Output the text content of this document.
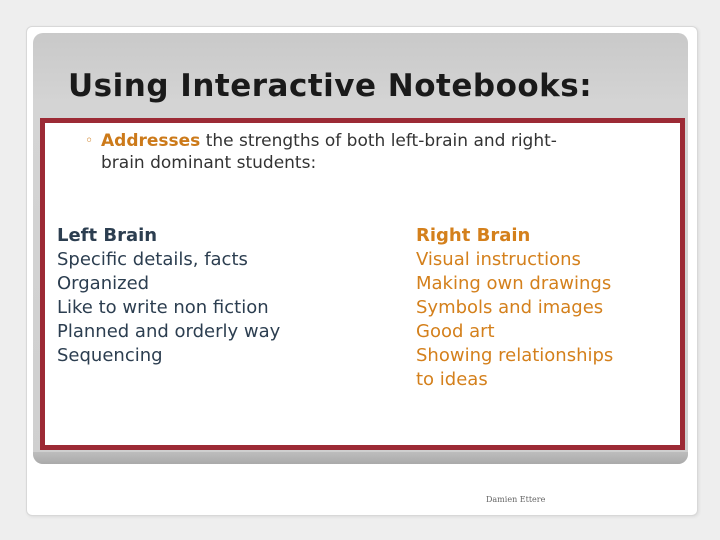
Using Interactive Notebooks:
◦ Addresses the strengths of both left-brain and right-
brain dominant students:
Left Brain
Specific details, facts
Organized
Like to write non fiction
Planned and orderly way
Sequencing
Right Brain
Visual instructions
Making own drawings
Symbols and images
Good art
Showing relationships
to ideas
Damien Ettere
